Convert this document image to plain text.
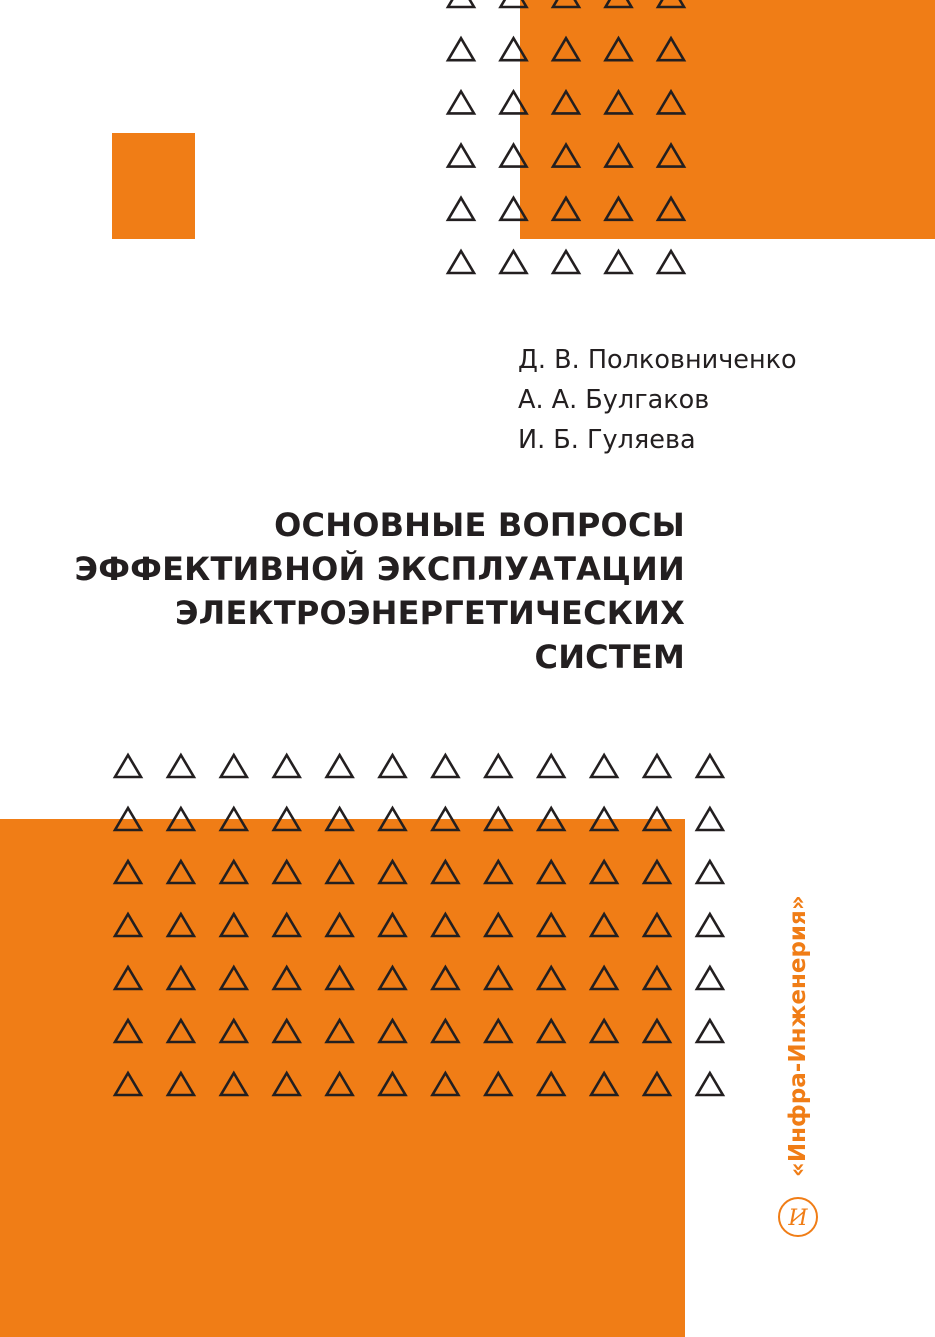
Д. В. Полковниченко
А. А. Булгаков
И. Б. Гуляева
ОСНОВНЫЕ ВОПРОСЫ
ЭФФЕКТИВНОЙ ЭКСПЛУАТАЦИИ
ЭЛЕКТРОЭНЕРГЕТИЧЕСКИХ
СИСТЕМ
«Инфра-Инженерия»
И
